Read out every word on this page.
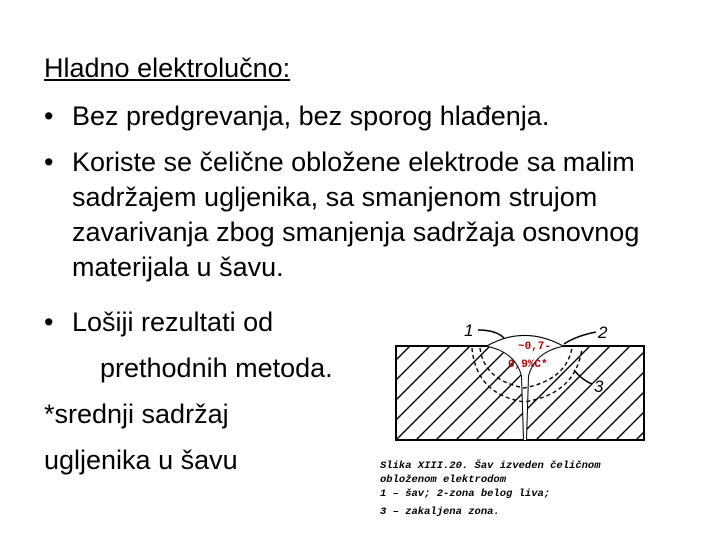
Hladno elektrolučno:
• Bez predgrevanja, bez sporog hlađenja.
• Koriste se čelične obložene elektrode sa malim
sadržajem ugljenika, sa smanjenom strujom
zavarivanja zbog smanjenja sadržaja osnovnog
materijala u šavu.
• Lošiji rezultati od
prethodnih metoda.
*srednji sadržaj
ugljenika u šavu
1	2
3
~0,7-
0,9%C*
Slika XIII.20. Šav izveden čeličnom
obloženom elektrodom
1 – šav; 2-zona belog liva;
3 – zakaljena zona.
